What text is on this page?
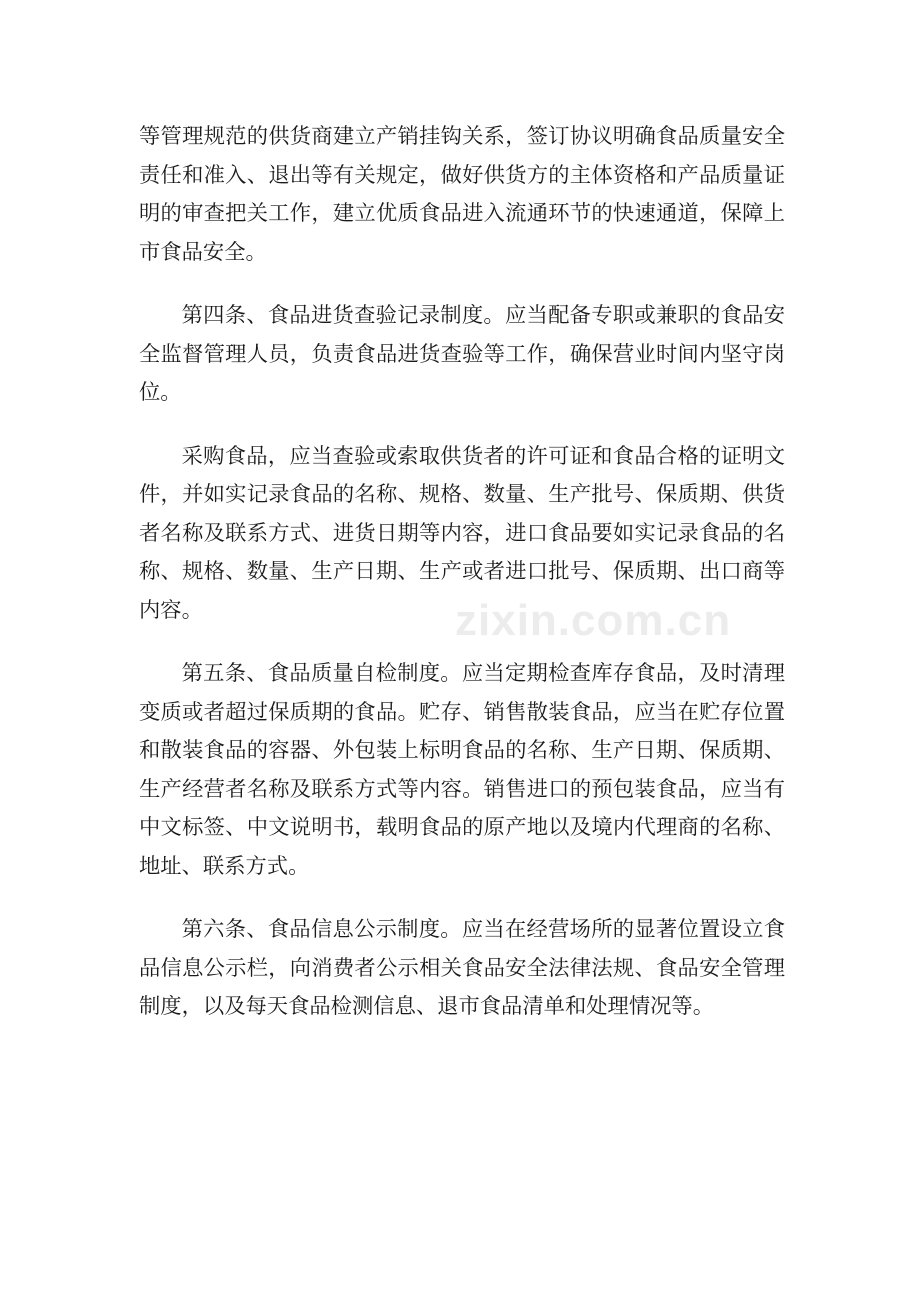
等管理规范的供货商建立产销挂钩关系，签订协议明确食品质量安全责任和准入、退出等有关规定，做好供货方的主体资格和产品质量证明的审查把关工作，建立优质食品进入流通环节的快速通道，保障上市食品安全。

第四条、食品进货查验记录制度。应当配备专职或兼职的食品安全监督管理人员，负责食品进货查验等工作，确保营业时间内坚守岗位。

采购食品，应当查验或索取供货者的许可证和食品合格的证明文件，并如实记录食品的名称、规格、数量、生产批号、保质期、供货者名称及联系方式、进货日期等内容，进口食品要如实记录食品的名称、规格、数量、生产日期、生产或者进口批号、保质期、出口商等内容。

第五条、食品质量自检制度。应当定期检查库存食品，及时清理变质或者超过保质期的食品。贮存、销售散装食品，应当在贮存位置和散装食品的容器、外包装上标明食品的名称、生产日期、保质期、生产经营者名称及联系方式等内容。销售进口的预包装食品，应当有中文标签、中文说明书，载明食品的原产地以及境内代理商的名称、地址、联系方式。

第六条、食品信息公示制度。应当在经营场所的显著位置设立食品信息公示栏，向消费者公示相关食品安全法律法规、食品安全管理制度，以及每天食品检测信息、退市食品清单和处理情况等。

zixin.com.cn
